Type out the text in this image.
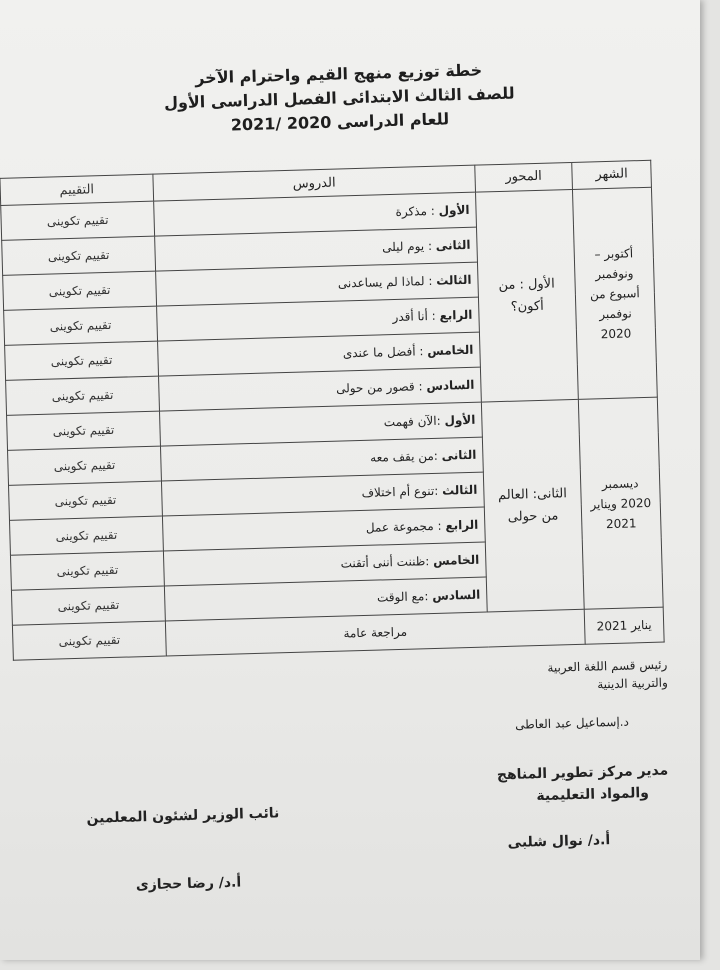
خطة توزيع منهج القيم واحترام الآخر
للصف الثالث الابتدائى الفصل الدراسى الأول
للعام الدراسى 2020 /2021
الشهر	المحور	الدروس	التقييم
أكتوبر – ونوفمبر أسبوع من نوفمبر 2020	الأول : من أكون؟	الأول : مذكرة	تقييم تكوينى
		الثانى : يوم ليلى	تقييم تكوينى
		الثالث : لماذا لم يساعدنى	تقييم تكوينى
		الرابع : أنا أقدر	تقييم تكوينى
		الخامس : أفضل ما عندى	تقييم تكوينى
		السادس : قصور من حولى	تقييم تكوينى
ديسمبر 2020 ويناير 2021	الثانى: العالم من حولى	الأول :الآن فهمت	تقييم تكوينى
		الثانى :من يقف معه	تقييم تكوينى
		الثالث :تنوع أم اختلاف	تقييم تكوينى
		الرابع : مجموعة عمل	تقييم تكوينى
		الخامس :ظننت أننى أتقنت	تقييم تكوينى
		السادس :مع الوقت	تقييم تكوينى
يناير 2021	مراجعة عامة		تقييم تكوينى
رئيس قسم اللغة العربية
والتربية الدينية
د.إسماعيل عبد العاطى
مدير مركز تطوير المناهج
والمواد التعليمية
أ.د/ نوال شلبى
نائب الوزير لشئون المعلمين
أ.د/ رضا حجازى
